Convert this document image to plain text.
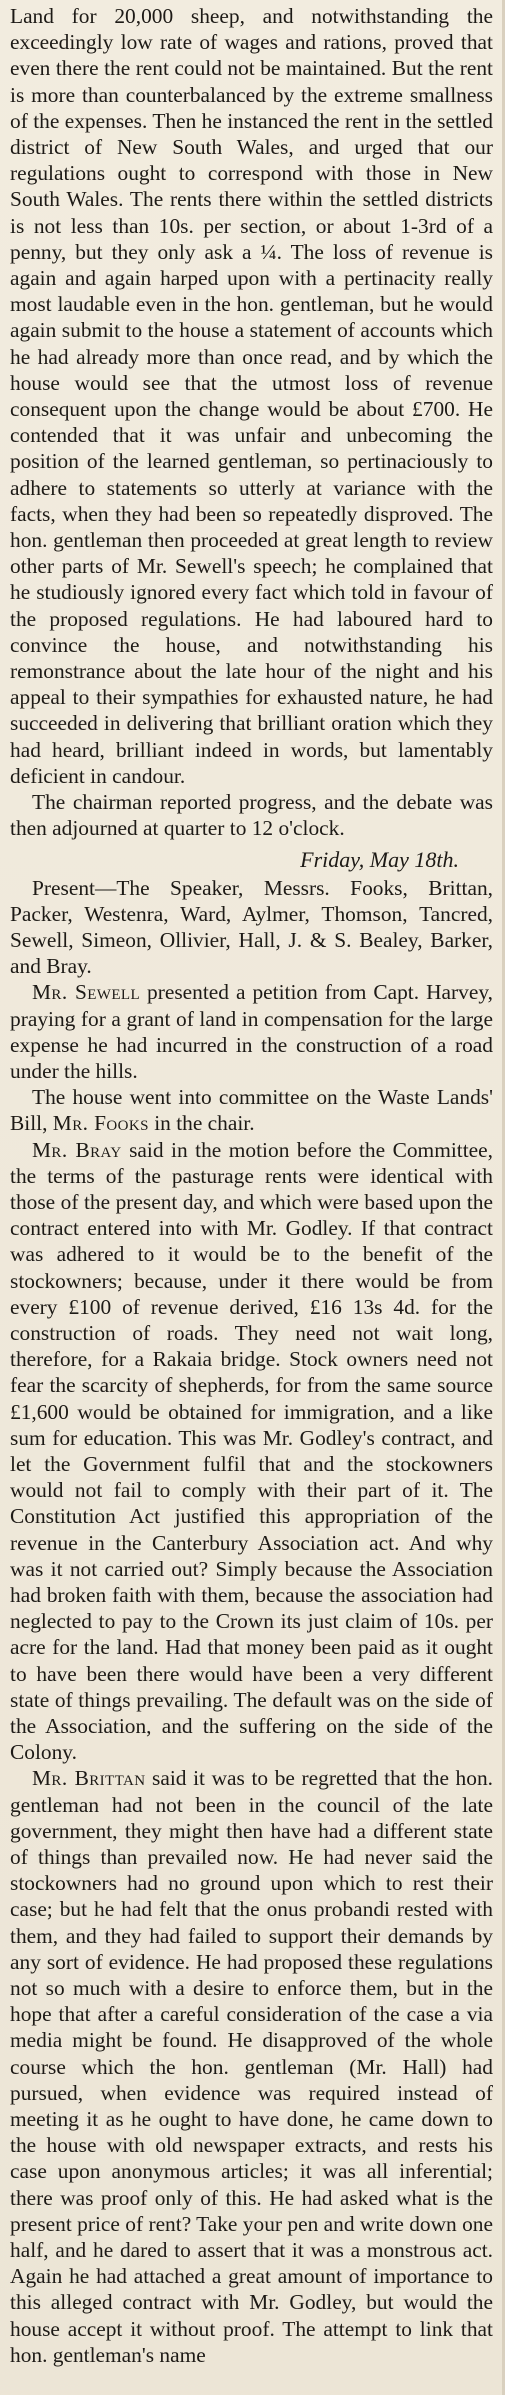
Land for 20,000 sheep, and notwithstanding the exceedingly low rate of wages and rations, proved that even there the rent could not be maintained. But the rent is more than counterbalanced by the extreme smallness of the expenses. Then he instanced the rent in the settled district of New South Wales, and urged that our regulations ought to correspond with those in New South Wales. The rents there within the settled districts is not less than 10s. per section, or about 1-3rd of a penny, but they only ask a ¼. The loss of revenue is again and again harped upon with a pertinacity really most laudable even in the hon. gentleman, but he would again submit to the house a statement of accounts which he had already more than once read, and by which the house would see that the utmost loss of revenue consequent upon the change would be about £700. He contended that it was unfair and unbecoming the position of the learned gentleman, so pertinaciously to adhere to statements so utterly at variance with the facts, when they had been so repeatedly disproved. The hon. gentleman then proceeded at great length to review other parts of Mr. Sewell's speech; he complained that he studiously ignored every fact which told in favour of the proposed regulations. He had laboured hard to convince the house, and notwithstanding his remonstrance about the late hour of the night and his appeal to their sympathies for exhausted nature, he had succeeded in delivering that brilliant oration which they had heard, brilliant indeed in words, but lamentably deficient in candour.

The chairman reported progress, and the debate was then adjourned at quarter to 12 o'clock.

Friday, May 18th.

Present—The Speaker, Messrs. Fooks, Brittan, Packer, Westenra, Ward, Aylmer, Thomson, Tancred, Sewell, Simeon, Ollivier, Hall, J. & S. Bealey, Barker, and Bray.

Mr. Sewell presented a petition from Capt. Harvey, praying for a grant of land in compensation for the large expense he had incurred in the construction of a road under the hills.

The house went into committee on the Waste Lands' Bill, Mr. Fooks in the chair.

Mr. Bray said in the motion before the Committee, the terms of the pasturage rents were identical with those of the present day, and which were based upon the contract entered into with Mr. Godley. If that contract was adhered to it would be to the benefit of the stockowners; because, under it there would be from every £100 of revenue derived, £16 13s 4d. for the construction of roads. They need not wait long, therefore, for a Rakaia bridge. Stock owners need not fear the scarcity of shepherds, for from the same source £1,600 would be obtained for immigration, and a like sum for education. This was Mr. Godley's contract, and let the Government fulfil that and the stockowners would not fail to comply with their part of it. The Constitution Act justified this appropriation of the revenue in the Canterbury Association act. And why was it not carried out? Simply because the Association had broken faith with them, because the association had neglected to pay to the Crown its just claim of 10s. per acre for the land. Had that money been paid as it ought to have been there would have been a very different state of things prevailing. The default was on the side of the Association, and the suffering on the side of the Colony.

Mr. Brittan said it was to be regretted that the hon. gentleman had not been in the council of the late government, they might then have had a different state of things than prevailed now. He had never said the stockowners had no ground upon which to rest their case; but he had felt that the onus probandi rested with them, and they had failed to support their demands by any sort of evidence. He had proposed these regulations not so much with a desire to enforce them, but in the hope that after a careful consideration of the case a via media might be found. He disapproved of the whole course which the hon. gentleman (Mr. Hall) had pursued, when evidence was required instead of meeting it as he ought to have done, he came down to the house with old newspaper extracts, and rests his case upon anonymous articles; it was all inferential; there was proof only of this. He had asked what is the present price of rent? Take your pen and write down one half, and he dared to assert that it was a monstrous act. Again he had attached a great amount of importance to this alleged contract with Mr. Godley, but would the house accept it without proof. The attempt to link that hon. gentleman's name
